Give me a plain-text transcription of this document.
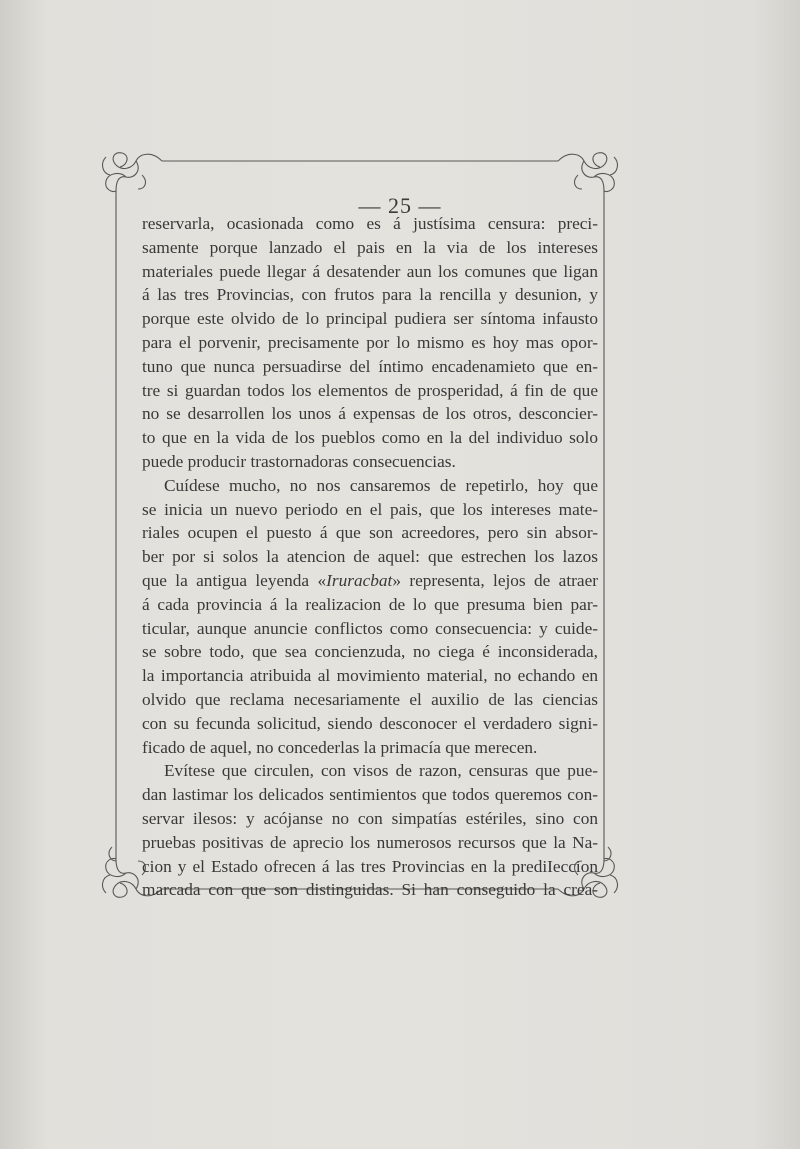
— 25 —
reservarla, ocasionada como es á justísima censura: preci-
samente porque lanzado el pais en la via de los intereses
materiales puede llegar á desatender aun los comunes que ligan
á las tres Provincias, con frutos para la rencilla y desunion, y
porque este olvido de lo principal pudiera ser síntoma infausto
para el porvenir, precisamente por lo mismo es hoy mas opor-
tuno que nunca persuadirse del íntimo encadenamieto que en-
tre si guardan todos los elementos de prosperidad, á fin de que
no se desarrollen los unos á expensas de los otros, desconcier-
to que en la vida de los pueblos como en la del individuo solo
puede producir trastornadoras consecuencias.
Cuídese mucho, no nos cansaremos de repetirlo, hoy que
se inicia un nuevo periodo en el pais, que los intereses mate-
riales ocupen el puesto á que son acreedores, pero sin absor-
ber por si solos la atencion de aquel: que estrechen los lazos
que la antigua leyenda «Iruracbat» representa, lejos de atraer
á cada provincia á la realizacion de lo que presuma bien par-
ticular, aunque anuncie conflictos como consecuencia: y cuide-
se sobre todo, que sea concienzuda, no ciega é inconsiderada,
la importancia atribuida al movimiento material, no echando en
olvido que reclama necesariamente el auxilio de las ciencias
con su fecunda solicitud, siendo desconocer el verdadero signi-
ficado de aquel, no concederlas la primacía que merecen.
Evítese que circulen, con visos de razon, censuras que pue-
dan lastimar los delicados sentimientos que todos queremos con-
servar ilesos: y acójanse no con simpatías estériles, sino con
pruebas positivas de aprecio los numerosos recursos que la Na-
cion y el Estado ofrecen á las tres Provincias en la prediIeccion
marcada con que son distinguidas. Si han conseguido la crea-
